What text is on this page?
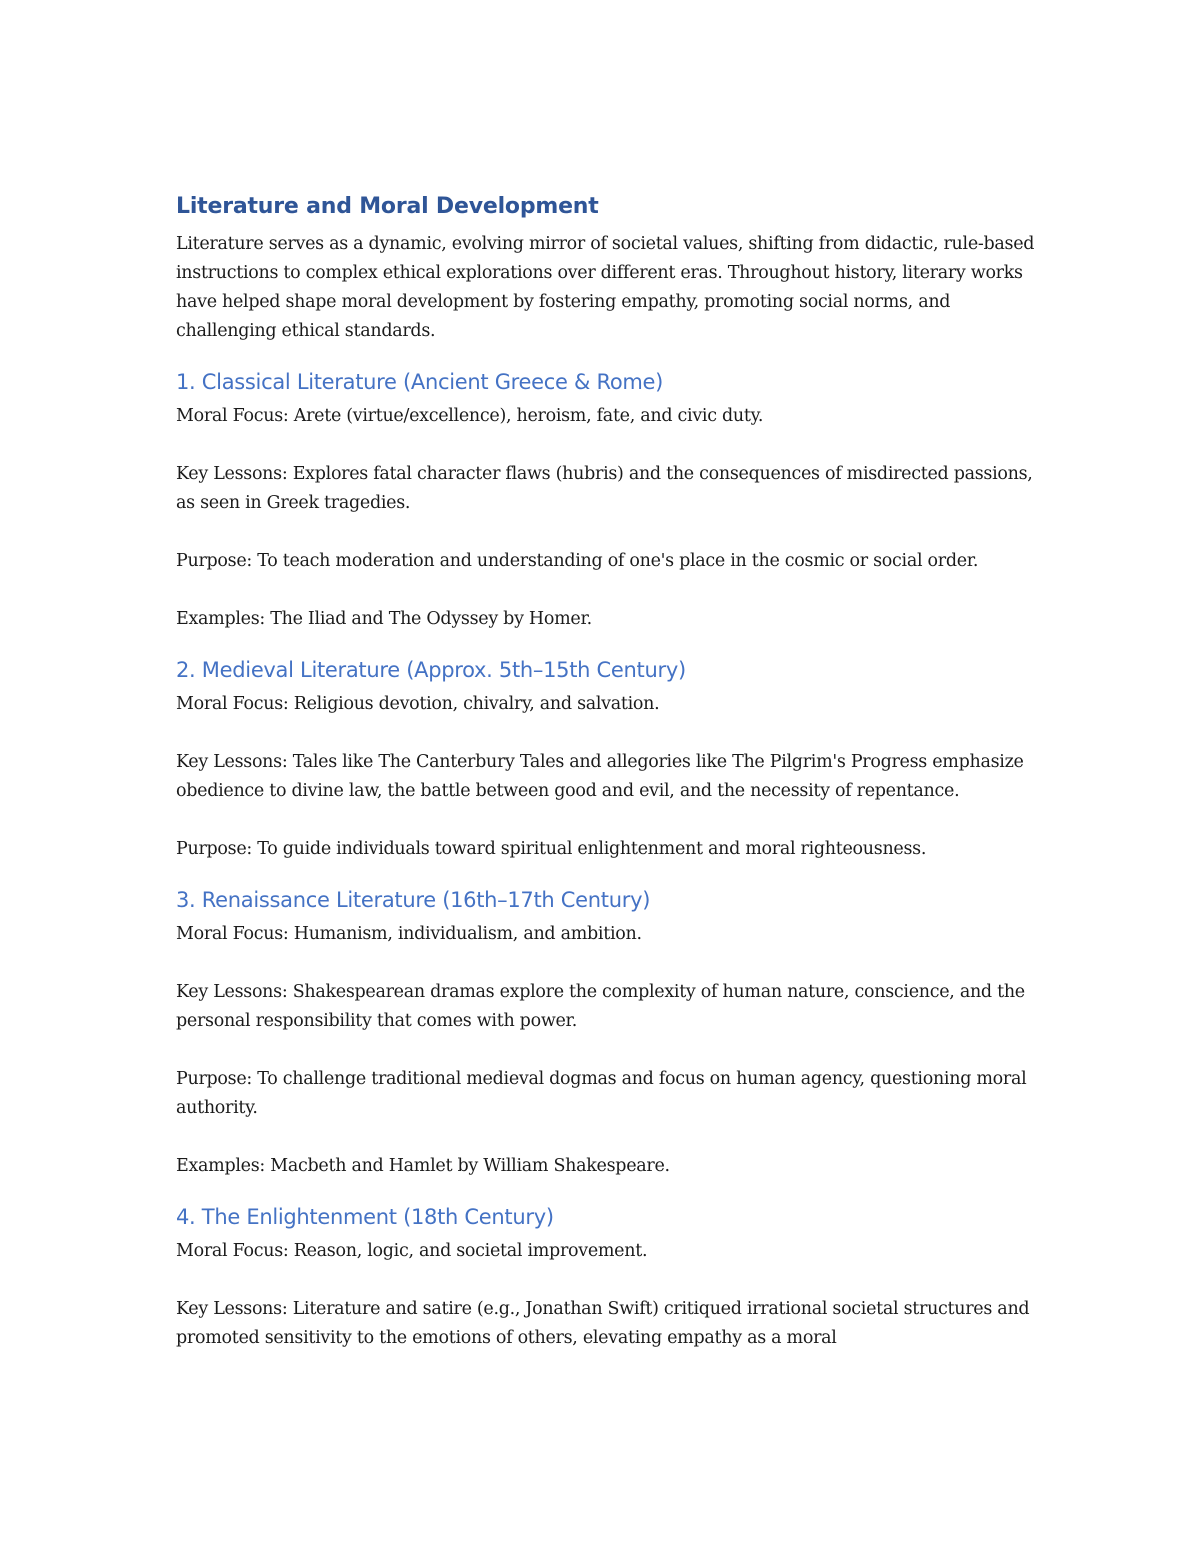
Literature and Moral Development

Literature serves as a dynamic, evolving mirror of societal values, shifting from didactic, rule-based instructions to complex ethical explorations over different eras. Throughout history, literary works have helped shape moral development by fostering empathy, promoting social norms, and challenging ethical standards.

1. Classical Literature (Ancient Greece & Rome)

Moral Focus: Arete (virtue/excellence), heroism, fate, and civic duty.

Key Lessons: Explores fatal character flaws (hubris) and the consequences of misdirected passions, as seen in Greek tragedies.

Purpose: To teach moderation and understanding of one's place in the cosmic or social order.

Examples: The Iliad and The Odyssey by Homer.

2. Medieval Literature (Approx. 5th–15th Century)

Moral Focus: Religious devotion, chivalry, and salvation.

Key Lessons: Tales like The Canterbury Tales and allegories like The Pilgrim's Progress emphasize obedience to divine law, the battle between good and evil, and the necessity of repentance.

Purpose: To guide individuals toward spiritual enlightenment and moral righteousness.

3. Renaissance Literature (16th–17th Century)

Moral Focus: Humanism, individualism, and ambition.

Key Lessons: Shakespearean dramas explore the complexity of human nature, conscience, and the personal responsibility that comes with power.

Purpose: To challenge traditional medieval dogmas and focus on human agency, questioning moral authority.

Examples: Macbeth and Hamlet by William Shakespeare.

4. The Enlightenment (18th Century)

Moral Focus: Reason, logic, and societal improvement.

Key Lessons: Literature and satire (e.g., Jonathan Swift) critiqued irrational societal structures and promoted sensitivity to the emotions of others, elevating empathy as a moral
